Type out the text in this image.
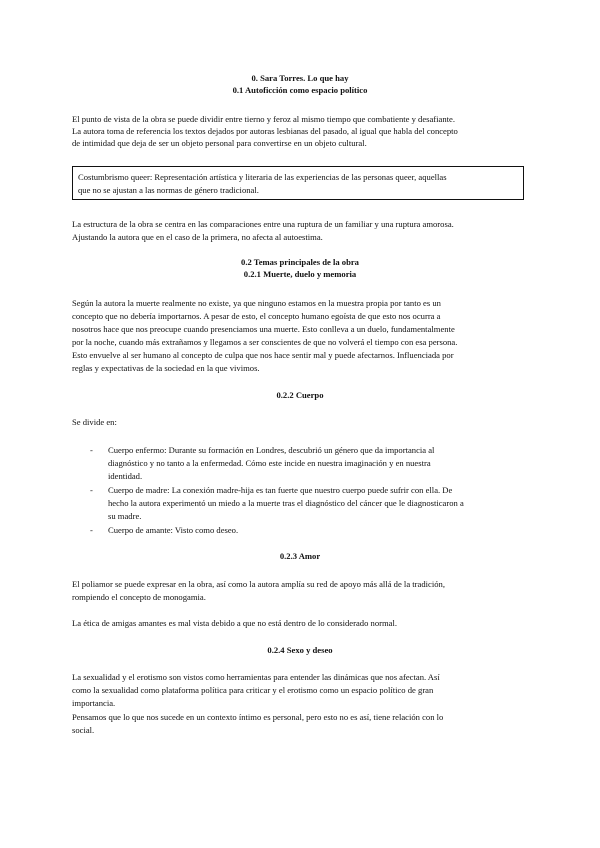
0. Sara Torres. Lo que hay
0.1 Autoficción como espacio político
El punto de vista de la obra se puede dividir entre tierno y feroz al mismo tiempo que combatiente y desafiante.
La autora toma de referencia los textos dejados por autoras lesbianas del pasado, al igual que habla del concepto
de intimidad que deja de ser un objeto personal para convertirse en un objeto cultural.
Costumbrismo queer: Representación artística y literaria de las experiencias de las personas queer, aquellas
que no se ajustan a las normas de género tradicional.
La estructura de la obra se centra en las comparaciones entre una ruptura de un familiar y una ruptura amorosa.
Ajustando la autora que en el caso de la primera, no afecta al autoestima.
0.2 Temas principales de la obra
0.2.1 Muerte, duelo y memoria
Según la autora la muerte realmente no existe, ya que ninguno estamos en la muestra propia por tanto es un
concepto que no debería importarnos. A pesar de esto, el concepto humano egoísta de que esto nos ocurra a
nosotros hace que nos preocupe cuando presenciamos una muerte. Esto conlleva a un duelo, fundamentalmente
por la noche, cuando más extrañamos y llegamos a ser conscientes de que no volverá el tiempo con esa persona.
Esto envuelve al ser humano al concepto de culpa que nos hace sentir mal y puede afectarnos. Influenciada por
reglas y expectativas de la sociedad en la que vivimos.
0.2.2 Cuerpo
Se divide en:
- Cuerpo enfermo: Durante su formación en Londres, descubrió un género que da importancia al
diagnóstico y no tanto a la enfermedad. Cómo este incide en nuestra imaginación y en nuestra
identidad.
- Cuerpo de madre: La conexión madre-hija es tan fuerte que nuestro cuerpo puede sufrir con ella. De
hecho la autora experimentó un miedo a la muerte tras el diagnóstico del cáncer que le diagnosticaron a
su madre.
- Cuerpo de amante: Visto como deseo.
0.2.3 Amor
El poliamor se puede expresar en la obra, así como la autora amplía su red de apoyo más allá de la tradición,
rompiendo el concepto de monogamia.
La ética de amigas amantes es mal vista debido a que no está dentro de lo considerado normal.
0.2.4 Sexo y deseo
La sexualidad y el erotismo son vistos como herramientas para entender las dinámicas que nos afectan. Así
como la sexualidad como plataforma política para criticar y el erotismo como un espacio político de gran
importancia.
Pensamos que lo que nos sucede en un contexto íntimo es personal, pero esto no es así, tiene relación con lo
social.
